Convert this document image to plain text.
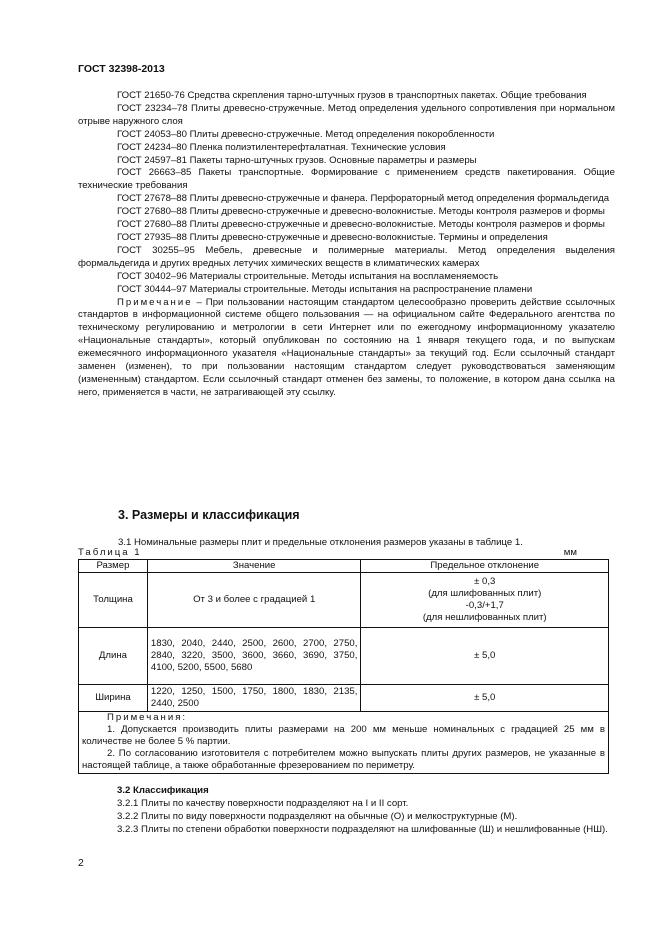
ГОСТ 32398-2013

ГОСТ 21650-76 Средства скрепления тарно-штучных грузов в транспортных пакетах. Общие требования

ГОСТ 23234–78 Плиты древесно-стружечные. Метод определения удельного сопротивления при нормальном отрыве наружного слоя

ГОСТ 24053–80 Плиты древесно-стружечные. Метод определения покоробленности

ГОСТ 24234–80 Пленка полиэтилентерефталатная. Технические условия

ГОСТ 24597–81 Пакеты тарно-штучных грузов. Основные параметры и размеры

ГОСТ 26663–85 Пакеты транспортные. Формирование с применением средств пакетирования. Общие технические требования

ГОСТ 27678–88 Плиты древесно-стружечные и фанера. Перфораторный метод определения формальдегида

ГОСТ 27680–88 Плиты древесно-стружечные и древесно-волокнистые. Методы контроля размеров и формы

ГОСТ 27680–88 Плиты древесно-стружечные и древесно-волокнистые. Методы контроля размеров и формы

ГОСТ 27935–88 Плиты древесно-стружечные и древесно-волокнистые. Термины и определения

ГОСТ 30255–95 Мебель, древесные и полимерные материалы. Метод определения выделения формальдегида и других вредных летучих химических веществ в климатических камерах

ГОСТ 30402–96 Материалы строительные. Методы испытания на воспламеняемость

ГОСТ 30444–97 Материалы строительные. Методы испытания на распространение пламени

Примечание – При пользовании настоящим стандартом целесообразно проверить действие ссылочных стандартов в информационной системе общего пользования — на официальном сайте Федерального агентства по техническому регулированию и метрологии в сети Интернет или по ежегодному информационному указателю «Национальные стандарты», который опубликован по состоянию на 1 января текущего года, и по выпускам ежемесячного информационного указателя «Национальные стандарты» за текущий год. Если ссылочный стандарт заменен (изменен), то при пользовании настоящим стандартом следует руководствоваться заменяющим (измененным) стандартом. Если ссылочный стандарт отменен без замены, то положение, в котором дана ссылка на него, применяется в части, не затрагивающей эту ссылку.

3. Размеры и классификация
3.1 Номинальные размеры плит и предельные отклонения размеров указаны в таблице 1.
Таблица 1	мм
Размер	Значение	Предельное отклонение
Толщина	От 3 и более с градацией 1	± 0,3
(для шлифованных плит)
-0,3/+1,7
(для нешлифованных плит)

Длина	1830, 2040, 2440, 2500, 2600, 2700, 2750, 2840, 3220, 3500, 3600, 3660, 3690, 3750, 4100, 5200, 5500, 5680	± 5,0
Ширина	1220, 1250, 1500, 1750, 1800, 1830, 2135, 2440, 2500	± 5,0

Примечания:
1. Допускается производить плиты размерами на 200 мм меньше номинальных с градацией 25 мм в количестве не более 5 % партии.
2. По согласованию изготовителя с потребителем можно выпускать плиты других размеров, не указанные в настоящей таблице, а также обработанные фрезерованием по периметру.		

3.2 Классификация

3.2.1 Плиты по качеству поверхности подразделяют на I и II сорт.

3.2.2 Плиты по виду поверхности подразделяют на обычные (О) и мелкоструктурные (М).

3.2.3 Плиты по степени обработки поверхности подразделяют на шлифованные (Ш) и нешлифованные (НШ).

2
